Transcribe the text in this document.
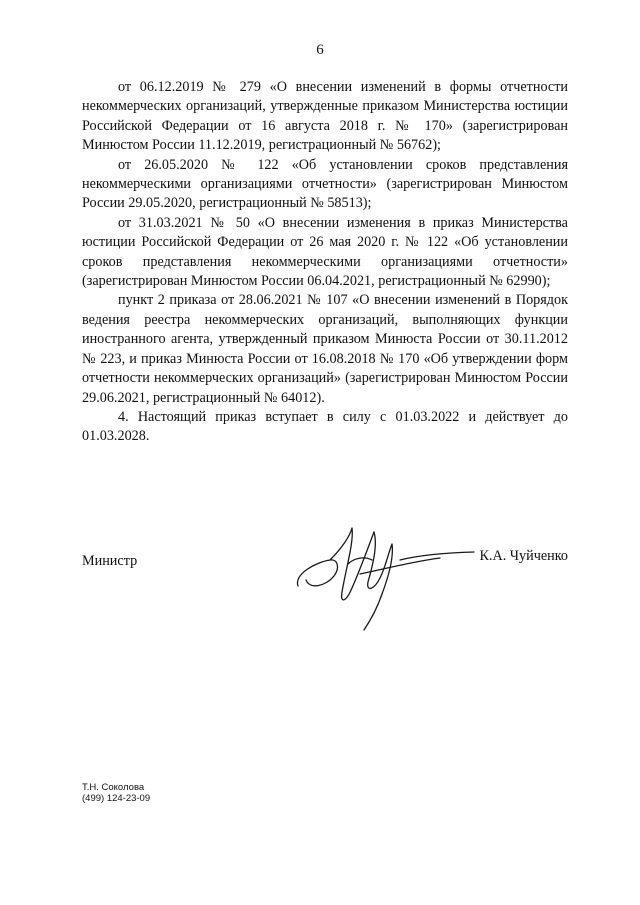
6

от 06.12.2019 № 279 «О внесении изменений в формы отчетности некоммерческих организаций, утвержденные приказом Министерства юстиции Российской Федерации от 16 августа 2018 г. № 170» (зарегистрирован Минюстом России 11.12.2019, регистрационный № 56762);

от 26.05.2020 № 122 «Об установлении сроков представления некоммерческими организациями отчетности» (зарегистрирован Минюстом России 29.05.2020, регистрационный № 58513);

от 31.03.2021 № 50 «О внесении изменения в приказ Министерства юстиции Российской Федерации от 26 мая 2020 г. № 122 «Об установлении сроков представления некоммерческими организациями отчетности» (зарегистрирован Минюстом России 06.04.2021, регистрационный № 62990);

пункт 2 приказа от 28.06.2021 № 107 «О внесении изменений в Порядок ведения реестра некоммерческих организаций, выполняющих функции иностранного агента, утвержденный приказом Минюста России от 30.11.2012 № 223, и приказ Минюста России от 16.08.2018 № 170 «Об утверждении форм отчетности некоммерческих организаций» (зарегистрирован Минюстом России 29.06.2021, регистрационный № 64012).

4. Настоящий приказ вступает в силу с 01.03.2022 и действует до 01.03.2028.

Министр	К.А. Чуйченко
Т.Н. Соколова
(499) 124-23-09
